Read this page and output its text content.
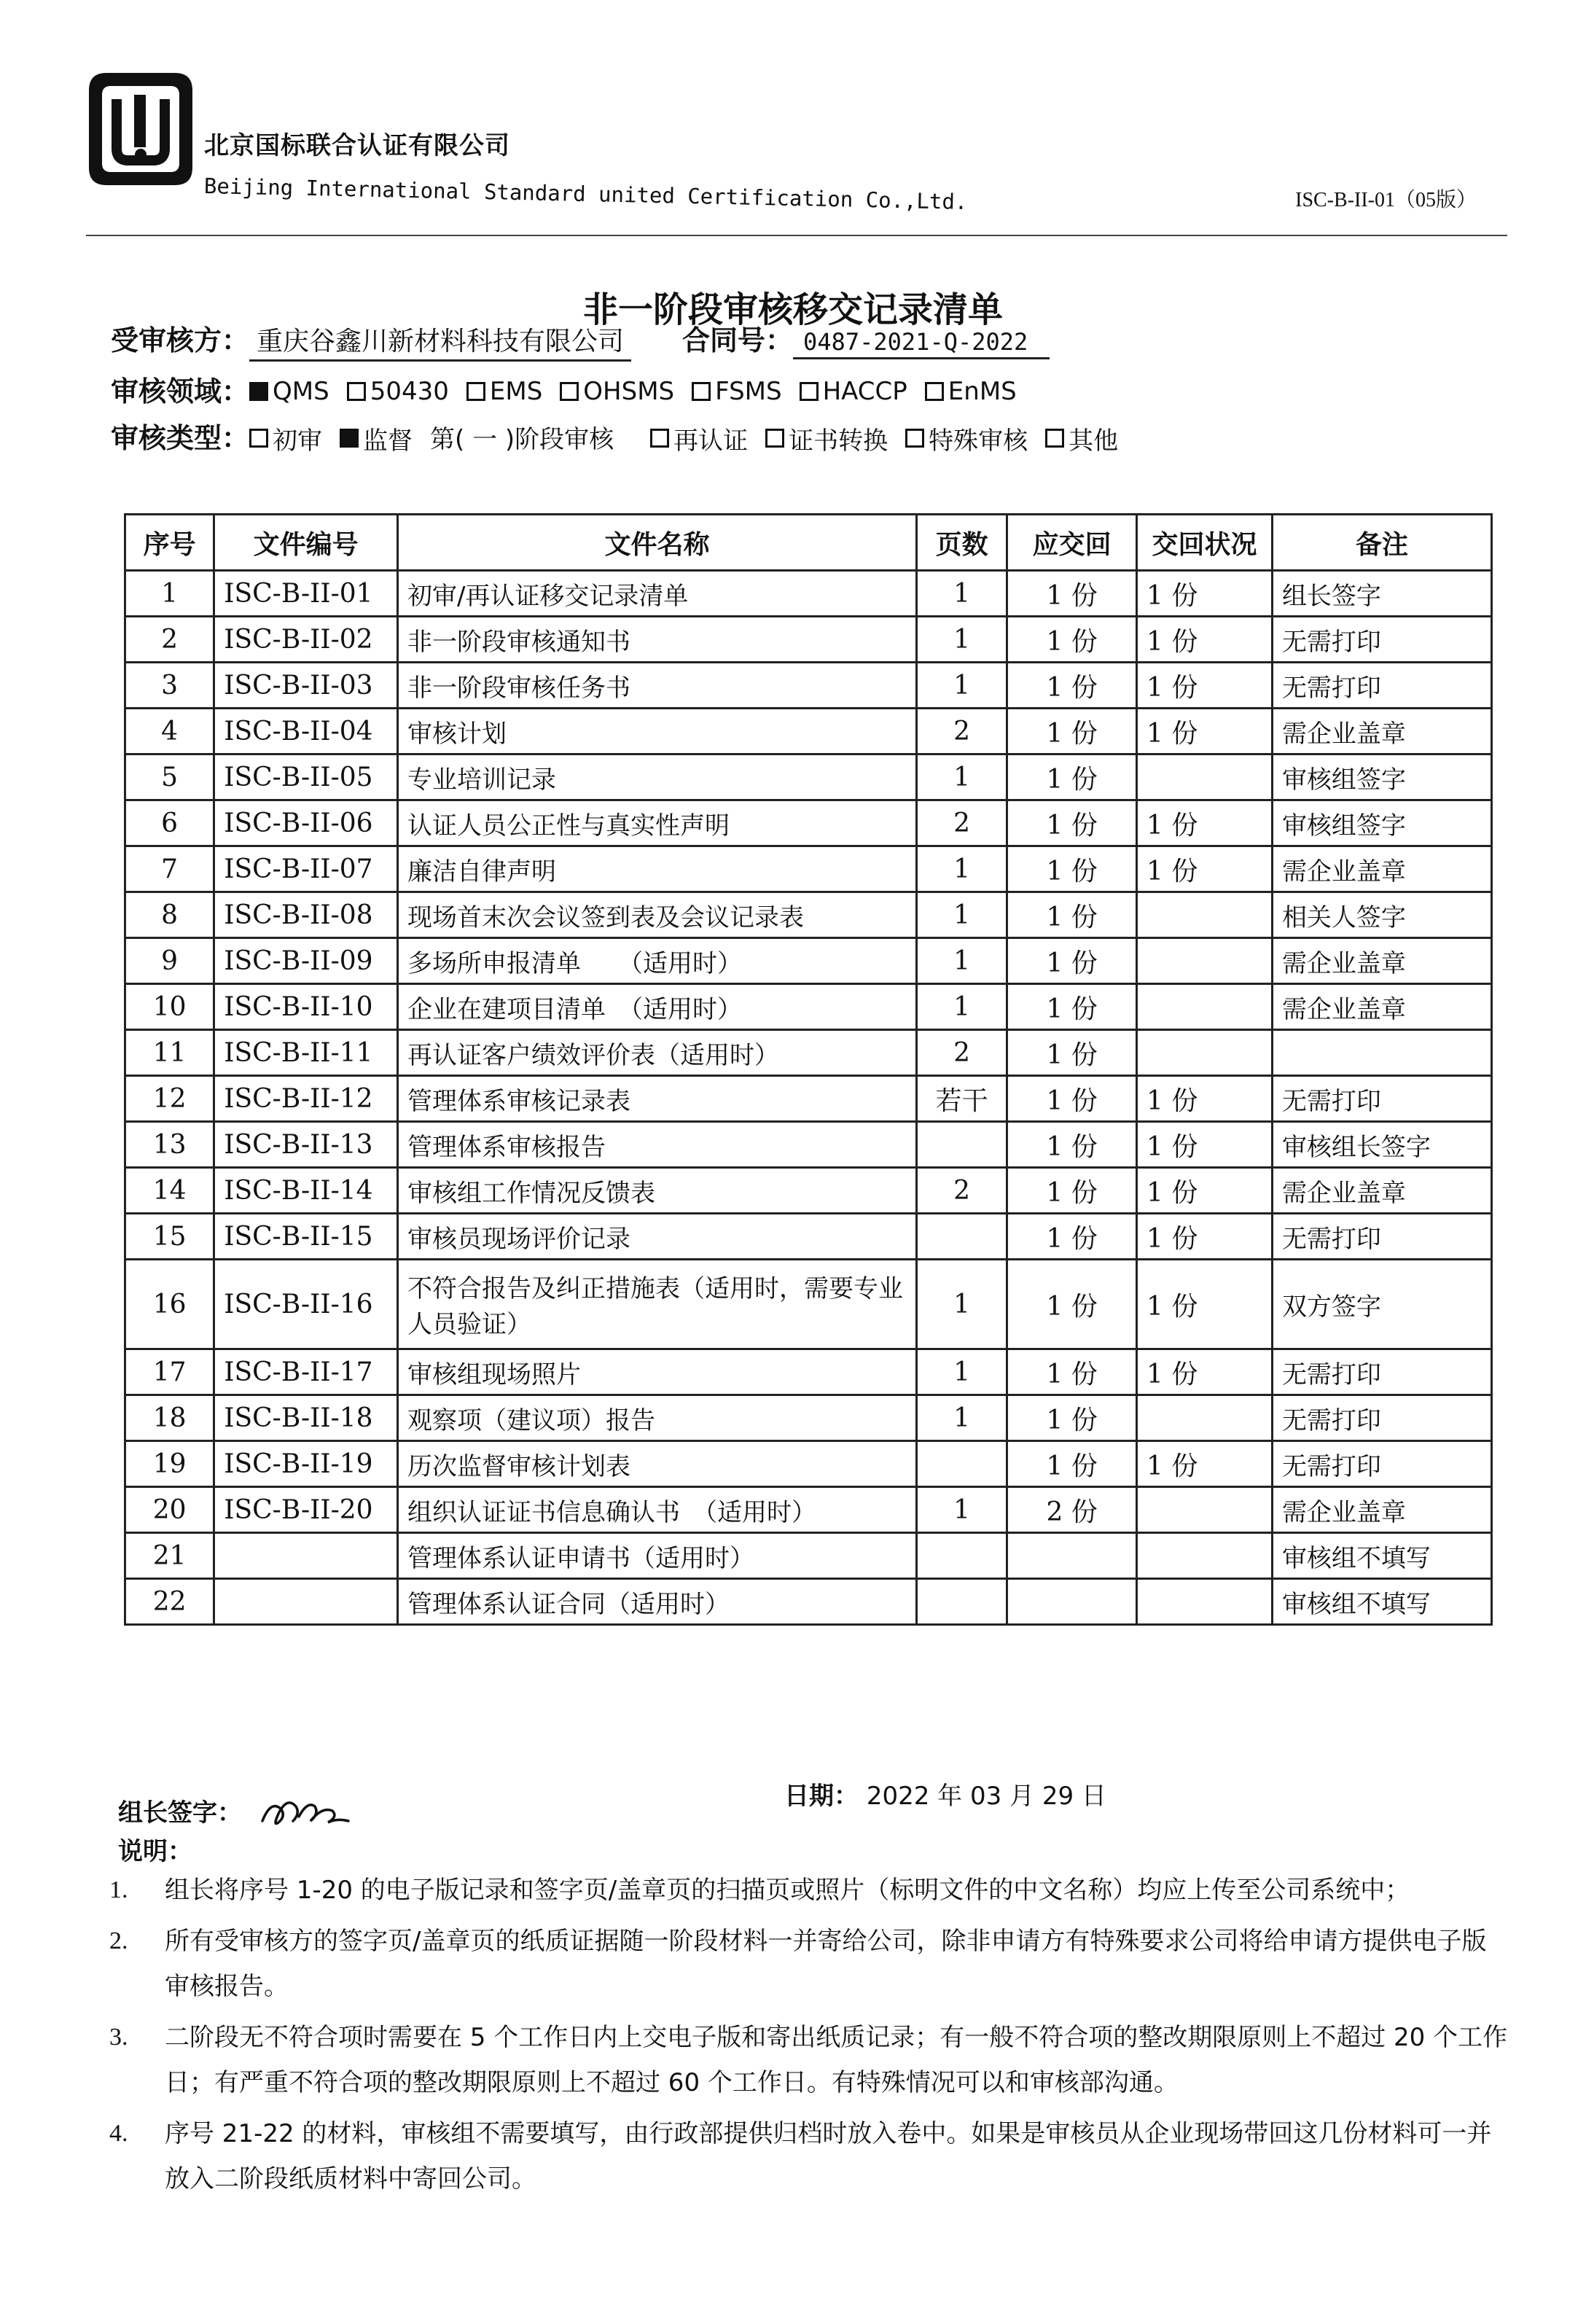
北京国标联合认证有限公司
Beijing International Standard united Certification Co.,Ltd.	ISC-B-II-01（05版）
非一阶段审核移交记录清单
受审核方： 重庆谷鑫川新材料科技有限公司 合同号： 0487-2021-Q-2022
审核领域： QMS 50430 EMS OHSMS FSMS HACCP EnMS
审核类型： 初审 监督 第( 一 )阶段审核 再认证 证书转换 特殊审核 其他
序号	文件编号	文件名称	页数	应交回	交回状况	备注
1	ISC-B-II-01	初审/再认证移交记录清单	1	1 份	1 份	组长签字
2	ISC-B-II-02	非一阶段审核通知书	1	1 份	1 份	无需打印
3	ISC-B-II-03	非一阶段审核任务书	1	1 份	1 份	无需打印
4	ISC-B-II-04	审核计划	2	1 份	1 份	需企业盖章
5	ISC-B-II-05	专业培训记录	1	1 份		审核组签字
6	ISC-B-II-06	认证人员公正性与真实性声明	2	1 份	1 份	审核组签字
7	ISC-B-II-07	廉洁自律声明	1	1 份	1 份	需企业盖章
8	ISC-B-II-08	现场首末次会议签到表及会议记录表	1	1 份		相关人签字
9	ISC-B-II-09	多场所申报清单　　（适用时）	1	1 份		需企业盖章
10	ISC-B-II-10	企业在建项目清单　（适用时）	1	1 份		需企业盖章
11	ISC-B-II-11	再认证客户绩效评价表（适用时）	2	1 份		
12	ISC-B-II-12	管理体系审核记录表	若干	1 份	1 份	无需打印
13	ISC-B-II-13	管理体系审核报告		1 份	1 份	审核组长签字
14	ISC-B-II-14	审核组工作情况反馈表	2	1 份	1 份	需企业盖章
15	ISC-B-II-15	审核员现场评价记录		1 份	1 份	无需打印
16	ISC-B-II-16	不符合报告及纠正措施表（适用时，需要专业人员验证）	1	1 份	1 份	双方签字
17	ISC-B-II-17	审核组现场照片	1	1 份	1 份	无需打印
18	ISC-B-II-18	观察项（建议项）报告	1	1 份		无需打印
19	ISC-B-II-19	历次监督审核计划表		1 份	1 份	无需打印
20	ISC-B-II-20	组织认证证书信息确认书　（适用时）	1	2 份		需企业盖章
21		管理体系认证申请书（适用时）				审核组不填写
22		管理体系认证合同（适用时）				审核组不填写
组长签字：
日期： 2022 年 03 月 29 日
说明：
1.	组长将序号 1-20 的电子版记录和签字页/盖章页的扫描页或照片（标明文件的中文名称）均应上传至公司系统中；
2.	所有受审核方的签字页/盖章页的纸质证据随一阶段材料一并寄给公司，除非申请方有特殊要求公司将给申请方提供电子版审核报告。
3.	二阶段无不符合项时需要在 5 个工作日内上交电子版和寄出纸质记录；有一般不符合项的整改期限原则上不超过 20 个工作日；有严重不符合项的整改期限原则上不超过 60 个工作日。有特殊情况可以和审核部沟通。
4.	序号 21-22 的材料，审核组不需要填写，由行政部提供归档时放入卷中。如果是审核员从企业现场带回这几份材料可一并放入二阶段纸质材料中寄回公司。
